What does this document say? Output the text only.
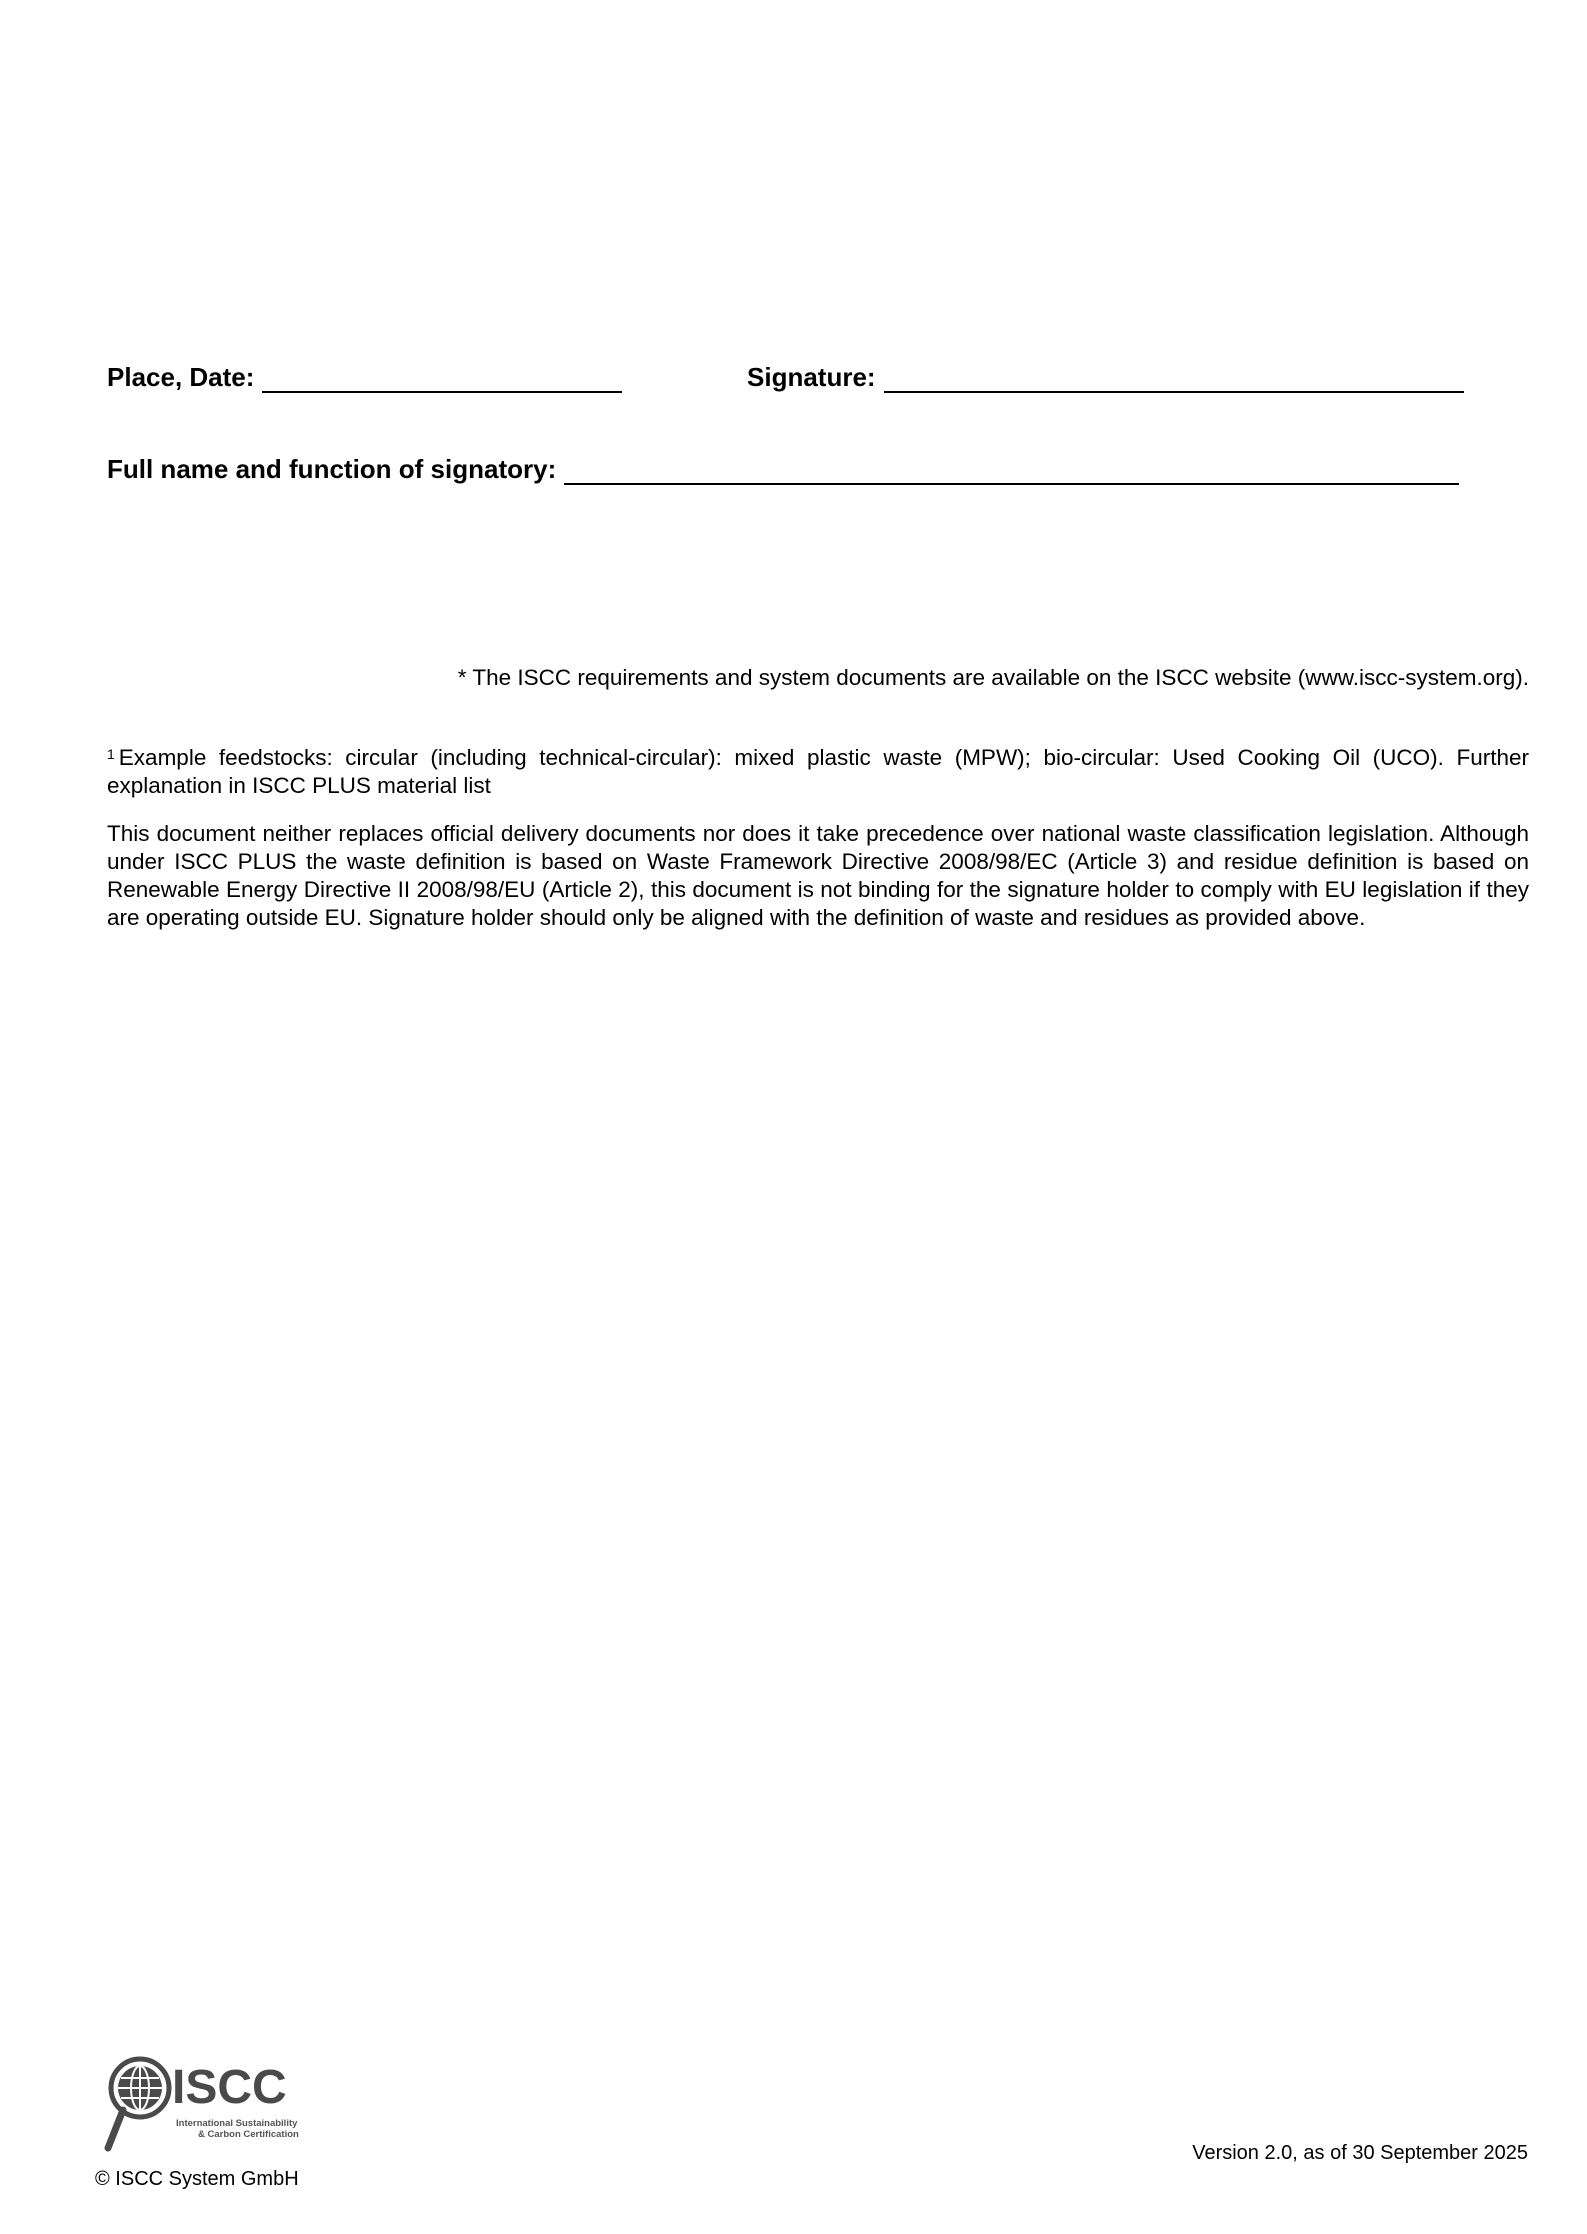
Place, Date:	Signature:
Full name and function of signatory:
* The ISCC requirements and system documents are available on the ISCC website (www.iscc-system.org).
$^1$ Example feedstocks: circular (including technical-circular): mixed plastic waste (MPW); bio-circular: Used Cooking Oil (UCO). Further explanation in ISCC PLUS material list
This document neither replaces official delivery documents nor does it take precedence over national waste classification legislation. Although under ISCC PLUS the waste definition is based on Waste Framework Directive 2008/98/EC (Article 3) and residue definition is based on Renewable Energy Directive II 2008/98/EU (Article 2), this document is not binding for the signature holder to comply with EU legislation if they are operating outside EU. Signature holder should only be aligned with the definition of waste and residues as provided above.
ISCC
International Sustainability
& Carbon Certification
© ISCC System GmbH
Version 2.0, as of 30 September 2025
